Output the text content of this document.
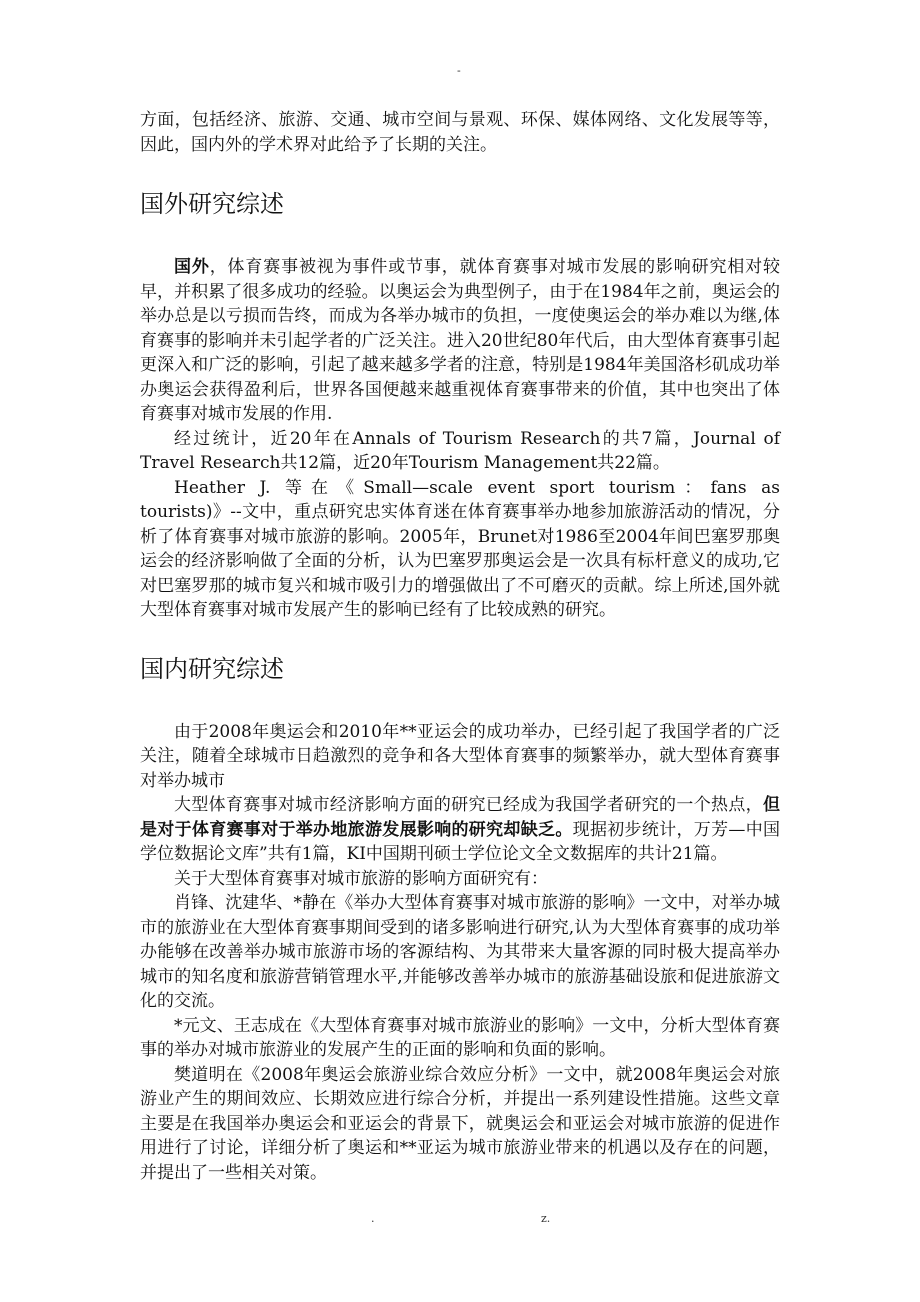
-

方面，包括经济、旅游、交通、城市空间与景观、环保、媒体网络、文化发展等等，因此，国内外的学术界对此给予了长期的关注。

国外研究综述

国外，体育赛事被视为事件或节事，就体育赛事对城市发展的影响研究相对较早，并积累了很多成功的经验。以奥运会为典型例子，由于在1984年之前，奥运会的举办总是以亏损而告终，而成为各举办城市的负担，一度使奥运会的举办难以为继,体育赛事的影响并未引起学者的广泛关注。进入20世纪80年代后，由大型体育赛事引起更深入和广泛的影响，引起了越来越多学者的注意，特别是1984年美国洛杉矶成功举办奥运会获得盈利后，世界各国便越来越重视体育赛事带来的价值，其中也突出了体育赛事对城市发展的作用.

经过统计，近20年在Annals of Tourism Research的共7篇，Journal of Travel Research共12篇，近20年Tourism Management共22篇。

Heather J. 等在《Small—scale event sport tourism：fans as tourists)》--文中，重点研究忠实体育迷在体育赛事举办地参加旅游活动的情况，分析了体育赛事对城市旅游的影响。2005年，Brunet对1986至2004年间巴塞罗那奥运会的经济影响做了全面的分析，认为巴塞罗那奥运会是一次具有标杆意义的成功,它对巴塞罗那的城市复兴和城市吸引力的增强做出了不可磨灭的贡献。综上所述,国外就大型体育赛事对城市发展产生的影响已经有了比较成熟的研究。

国内研究综述

由于2008年奥运会和2010年**亚运会的成功举办，已经引起了我国学者的广泛关注，随着全球城市日趋激烈的竞争和各大型体育赛事的频繁举办，就大型体育赛事对举办城市

大型体育赛事对城市经济影响方面的研究已经成为我国学者研究的一个热点，但是对于体育赛事对于举办地旅游发展影响的研究却缺乏。现据初步统计，万芳—中国学位数据论文库”共有1篇，KI中国期刊硕士学位论文全文数据库的共计21篇。

关于大型体育赛事对城市旅游的影响方面研究有：

肖锋、沈建华、*静在《举办大型体育赛事对城市旅游的影响》一文中，对举办城市的旅游业在大型体育赛事期间受到的诸多影响进行研究,认为大型体育赛事的成功举办能够在改善举办城市旅游市场的客源结构、为其带来大量客源的同时极大提高举办城市的知名度和旅游营销管理水平,并能够改善举办城市的旅游基础设旅和促进旅游文化的交流。

*元文、王志成在《大型体育赛事对城市旅游业的影响》一文中，分析大型体育赛事的举办对城市旅游业的发展产生的正面的影响和负面的影响。

樊道明在《2008年奥运会旅游业综合效应分析》一文中，就2008年奥运会对旅游业产生的期间效应、长期效应进行综合分析，并提出一系列建设性措施。这些文章主要是在我国举办奥运会和亚运会的背景下，就奥运会和亚运会对城市旅游的促进作用进行了讨论，详细分析了奥运和**亚运为城市旅游业带来的机遇以及存在的问题，并提出了一些相关对策。

.	z.
